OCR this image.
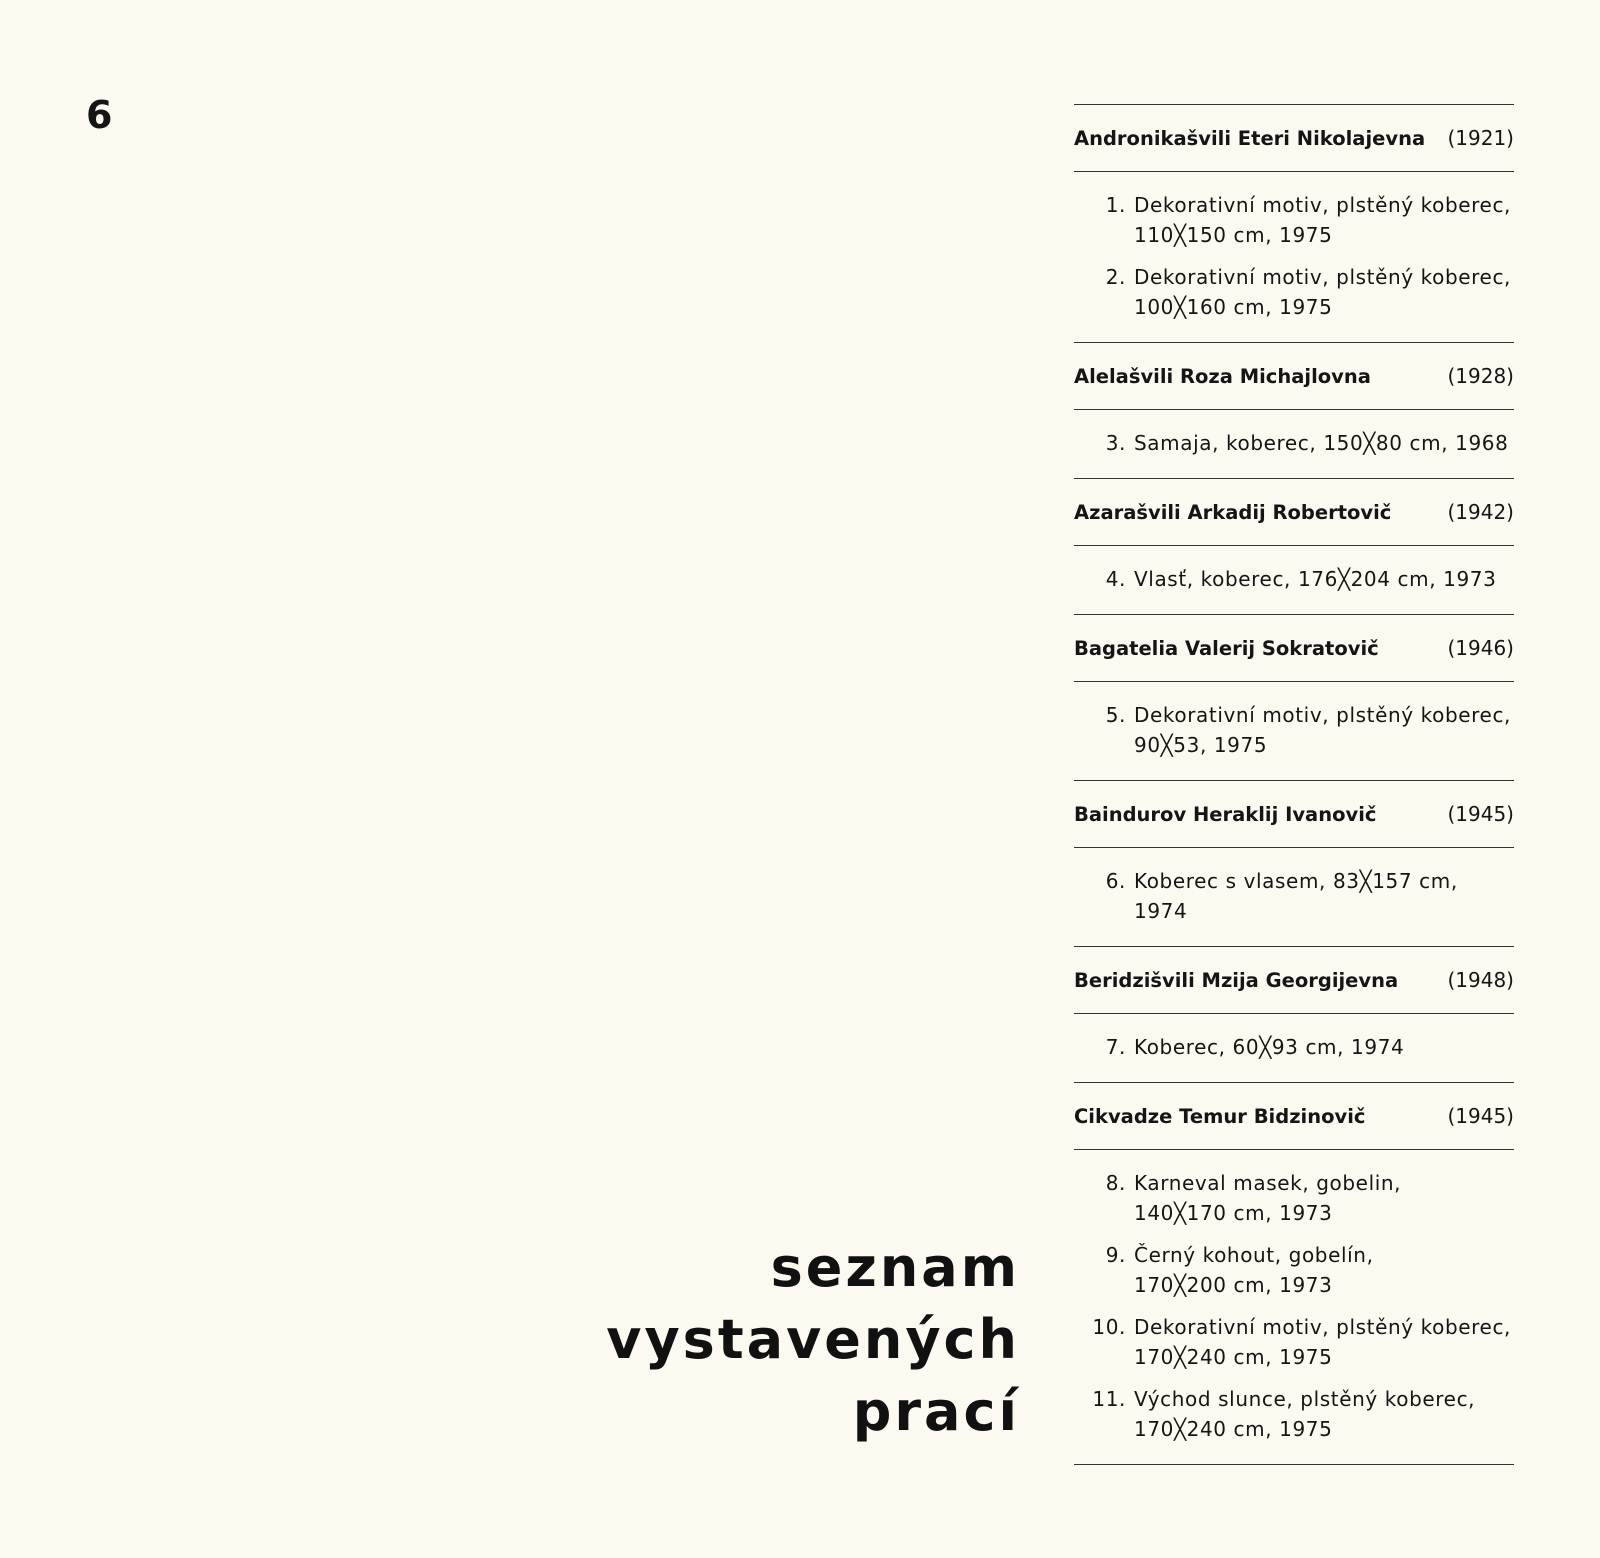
6
seznam
vystavených
prací
Andronikašvili Eteri Nikolajevna (1921)
1. Dekorativní motiv, plstěný koberec,
110╳150 cm, 1975
2. Dekorativní motiv, plstěný koberec,
100╳160 cm, 1975
Alelašvili Roza Michajlovna	(1928)
3. Samaja, koberec, 150╳80 cm, 1968
Azarašvili Arkadij Robertovič	(1942)
4. Vlasť, koberec, 176╳204 cm, 1973
Bagatelia Valerij Sokratovič	(1946)
5. Dekorativní motiv, plstěný koberec,
90╳53, 1975
Baindurov Heraklij Ivanovič	(1945)
6. Koberec s vlasem, 83╳157 cm, 1974
Beridzišvili Mzija Georgijevna (1948)
7. Koberec, 60╳93 cm, 1974
Cikvadze Temur Bidzinovič	(1945)
8. Karneval masek, gobelin,
140╳170 cm, 1973
9. Černý kohout, gobelín,
170╳200 cm, 1973
10. Dekorativní motiv, plstěný koberec,
170╳240 cm, 1975
11. Východ slunce, plstěný koberec,
170╳240 cm, 1975
